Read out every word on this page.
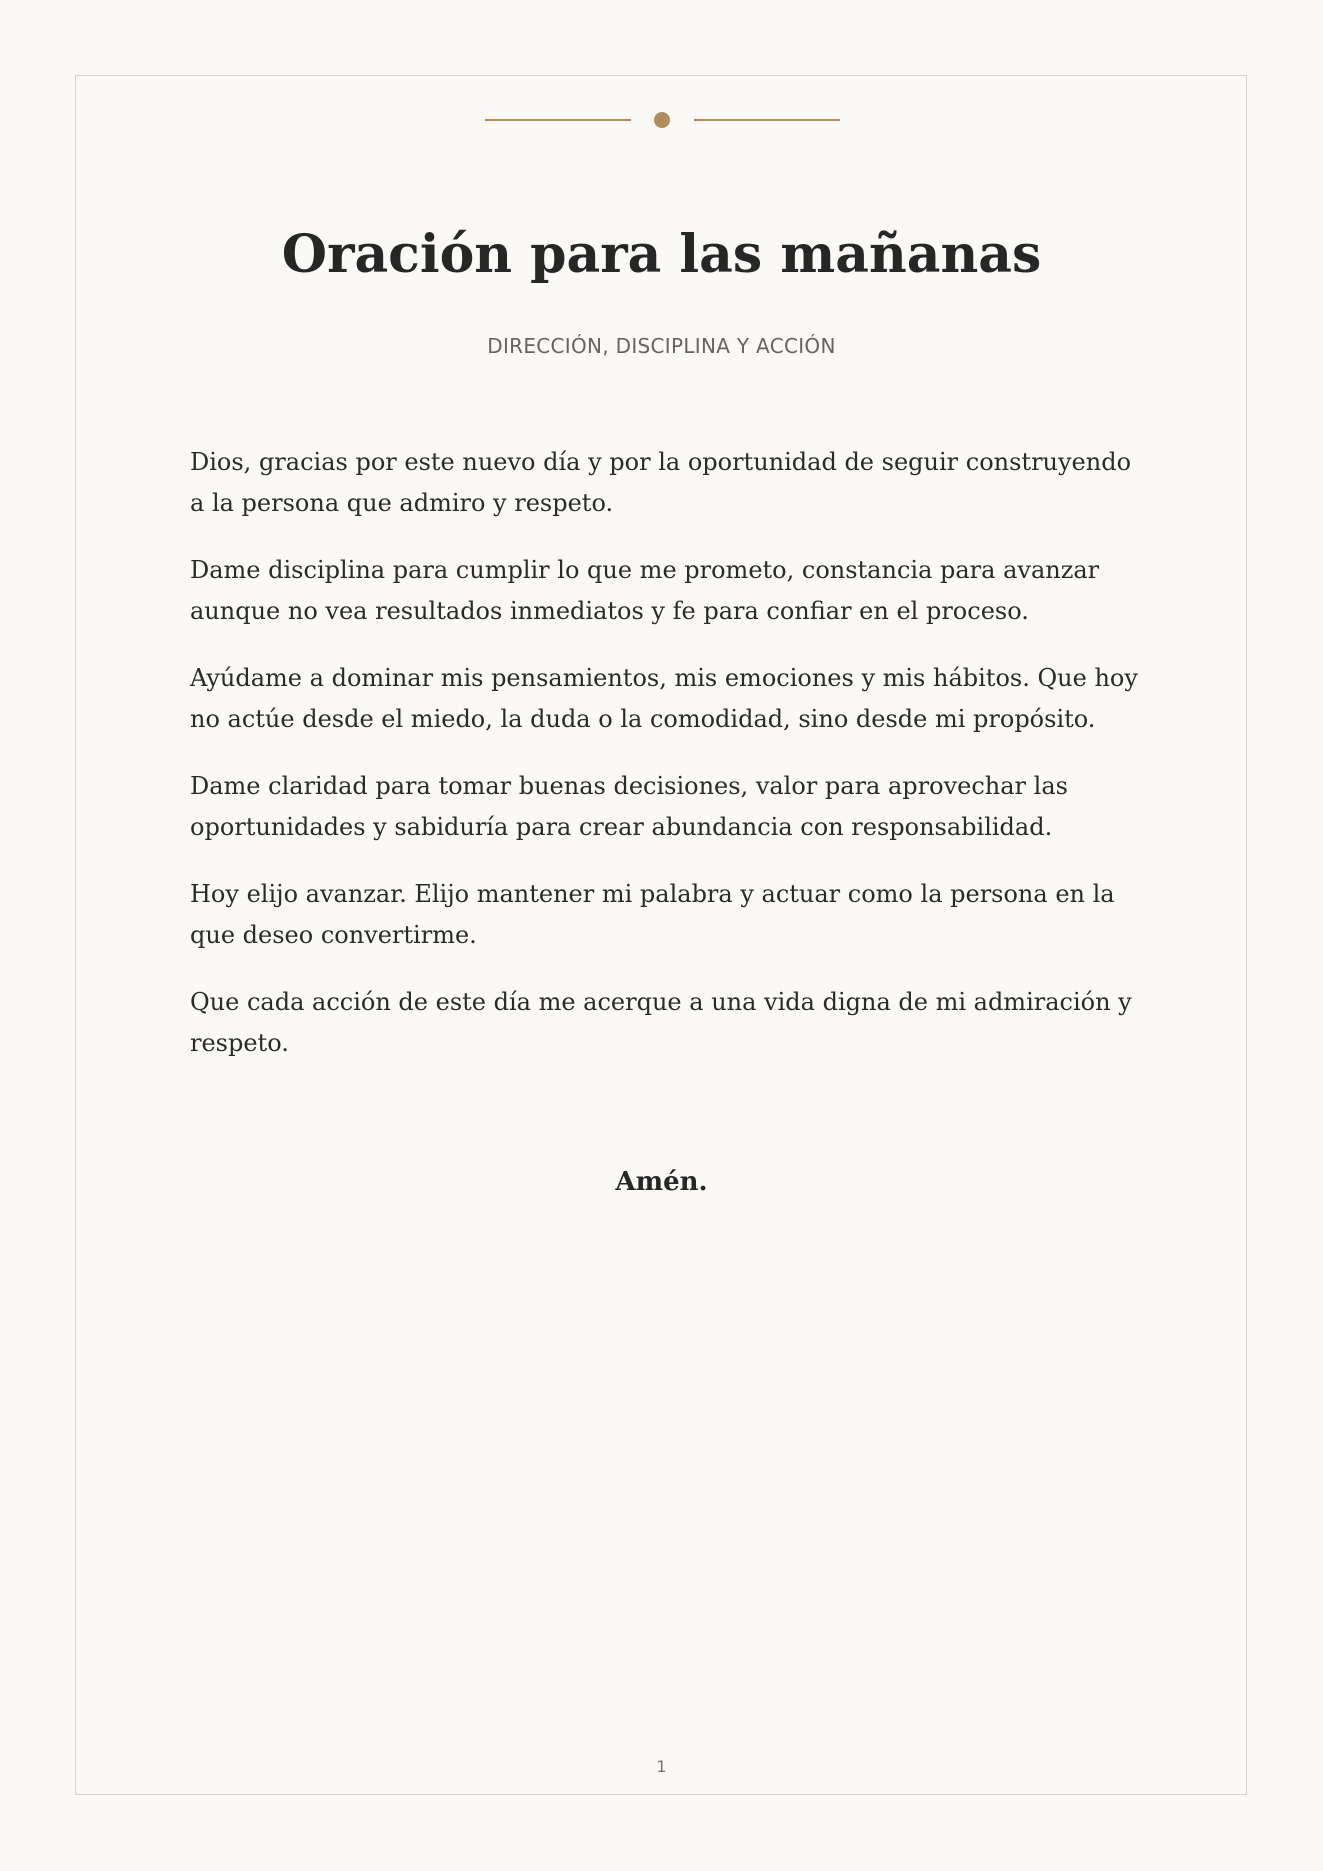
Oración para las mañanas
DIRECCIÓN, DISCIPLINA Y ACCIÓN

Dios, gracias por este nuevo día y por la oportunidad de seguir construyendo a la persona que admiro y respeto.

Dame disciplina para cumplir lo que me prometo, constancia para avanzar aunque no vea resultados inmediatos y fe para confiar en el proceso.

Ayúdame a dominar mis pensamientos, mis emociones y mis hábitos. Que hoy no actúe desde el miedo, la duda o la comodidad, sino desde mi propósito.

Dame claridad para tomar buenas decisiones, valor para aprovechar las oportunidades y sabiduría para crear abundancia con responsabilidad.

Hoy elijo avanzar. Elijo mantener mi palabra y actuar como la persona en la que deseo convertirme.

Que cada acción de este día me acerque a una vida digna de mi admiración y respeto.

Amén.
1
